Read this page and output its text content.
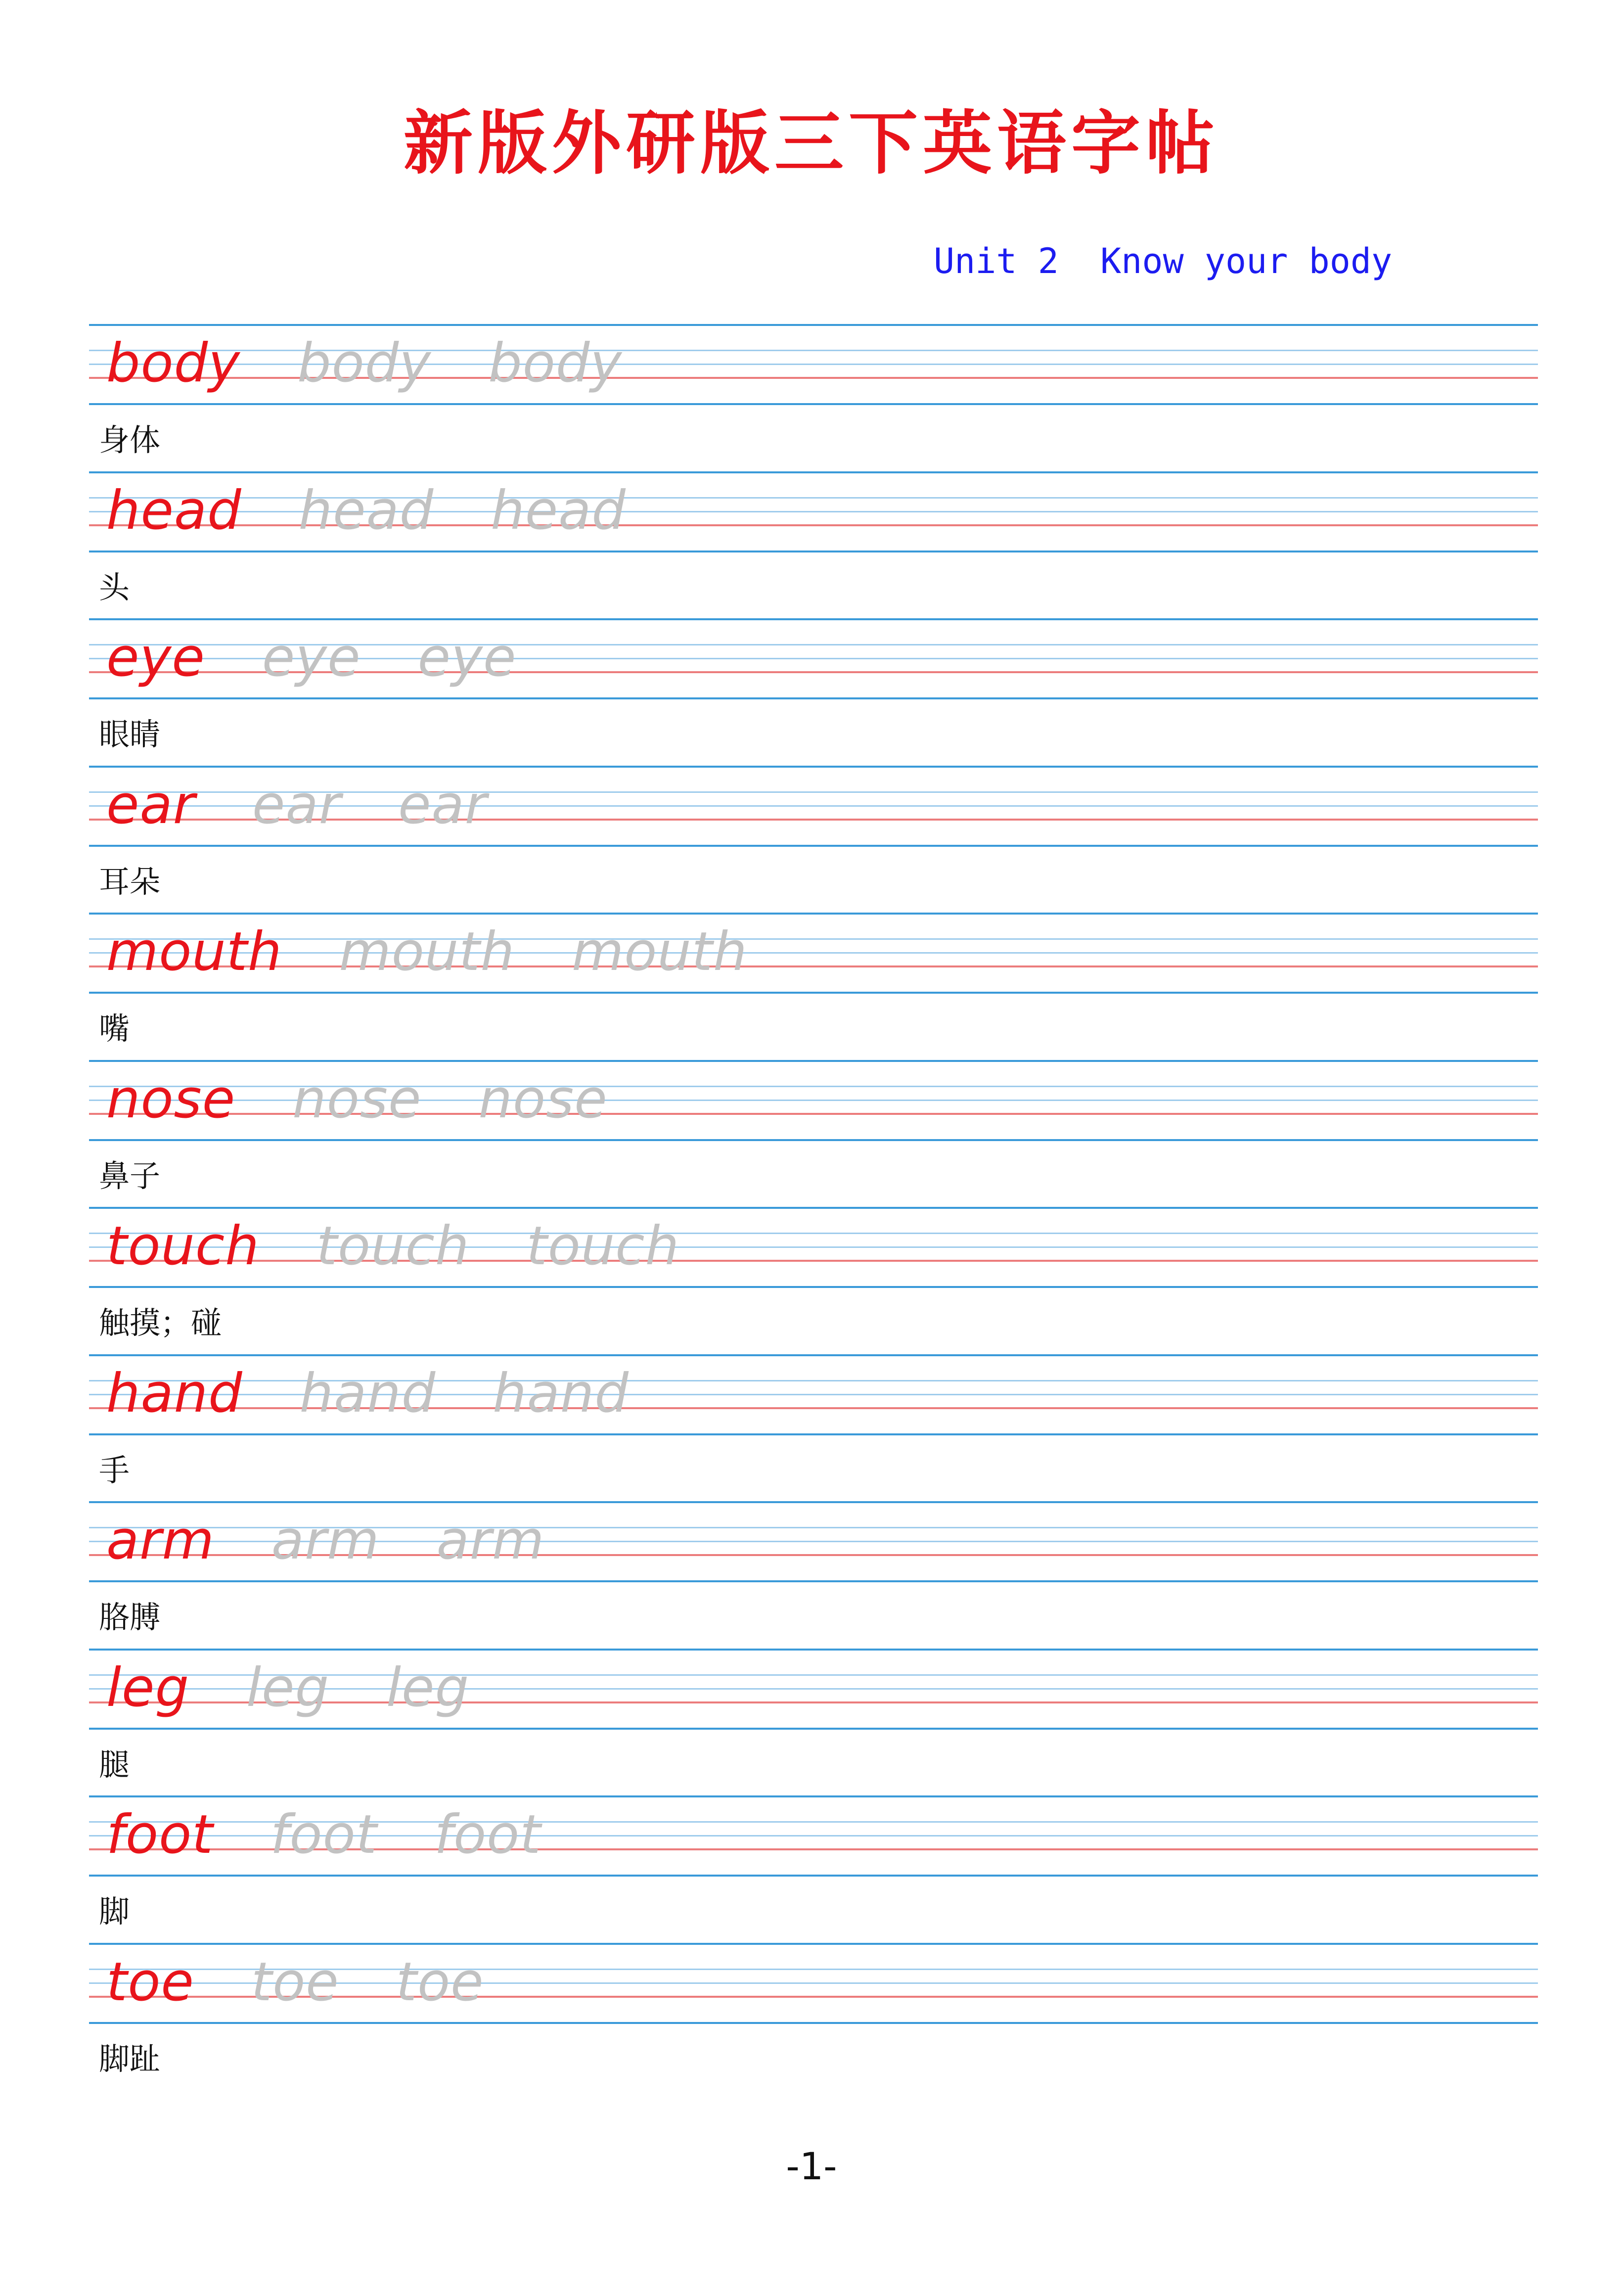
新版外研版三下英语字帖
Unit 2  Know your body
body body body
身体
head head head
头
eye eye eye
眼睛
ear ear ear
耳朵
mouth mouth mouth
嘴
nose nose nose
鼻子
touch touch touch
触摸；碰
hand hand hand
手
arm arm arm
胳膊
leg leg leg
腿
foot foot foot
脚
toe toe toe
脚趾
-1-
